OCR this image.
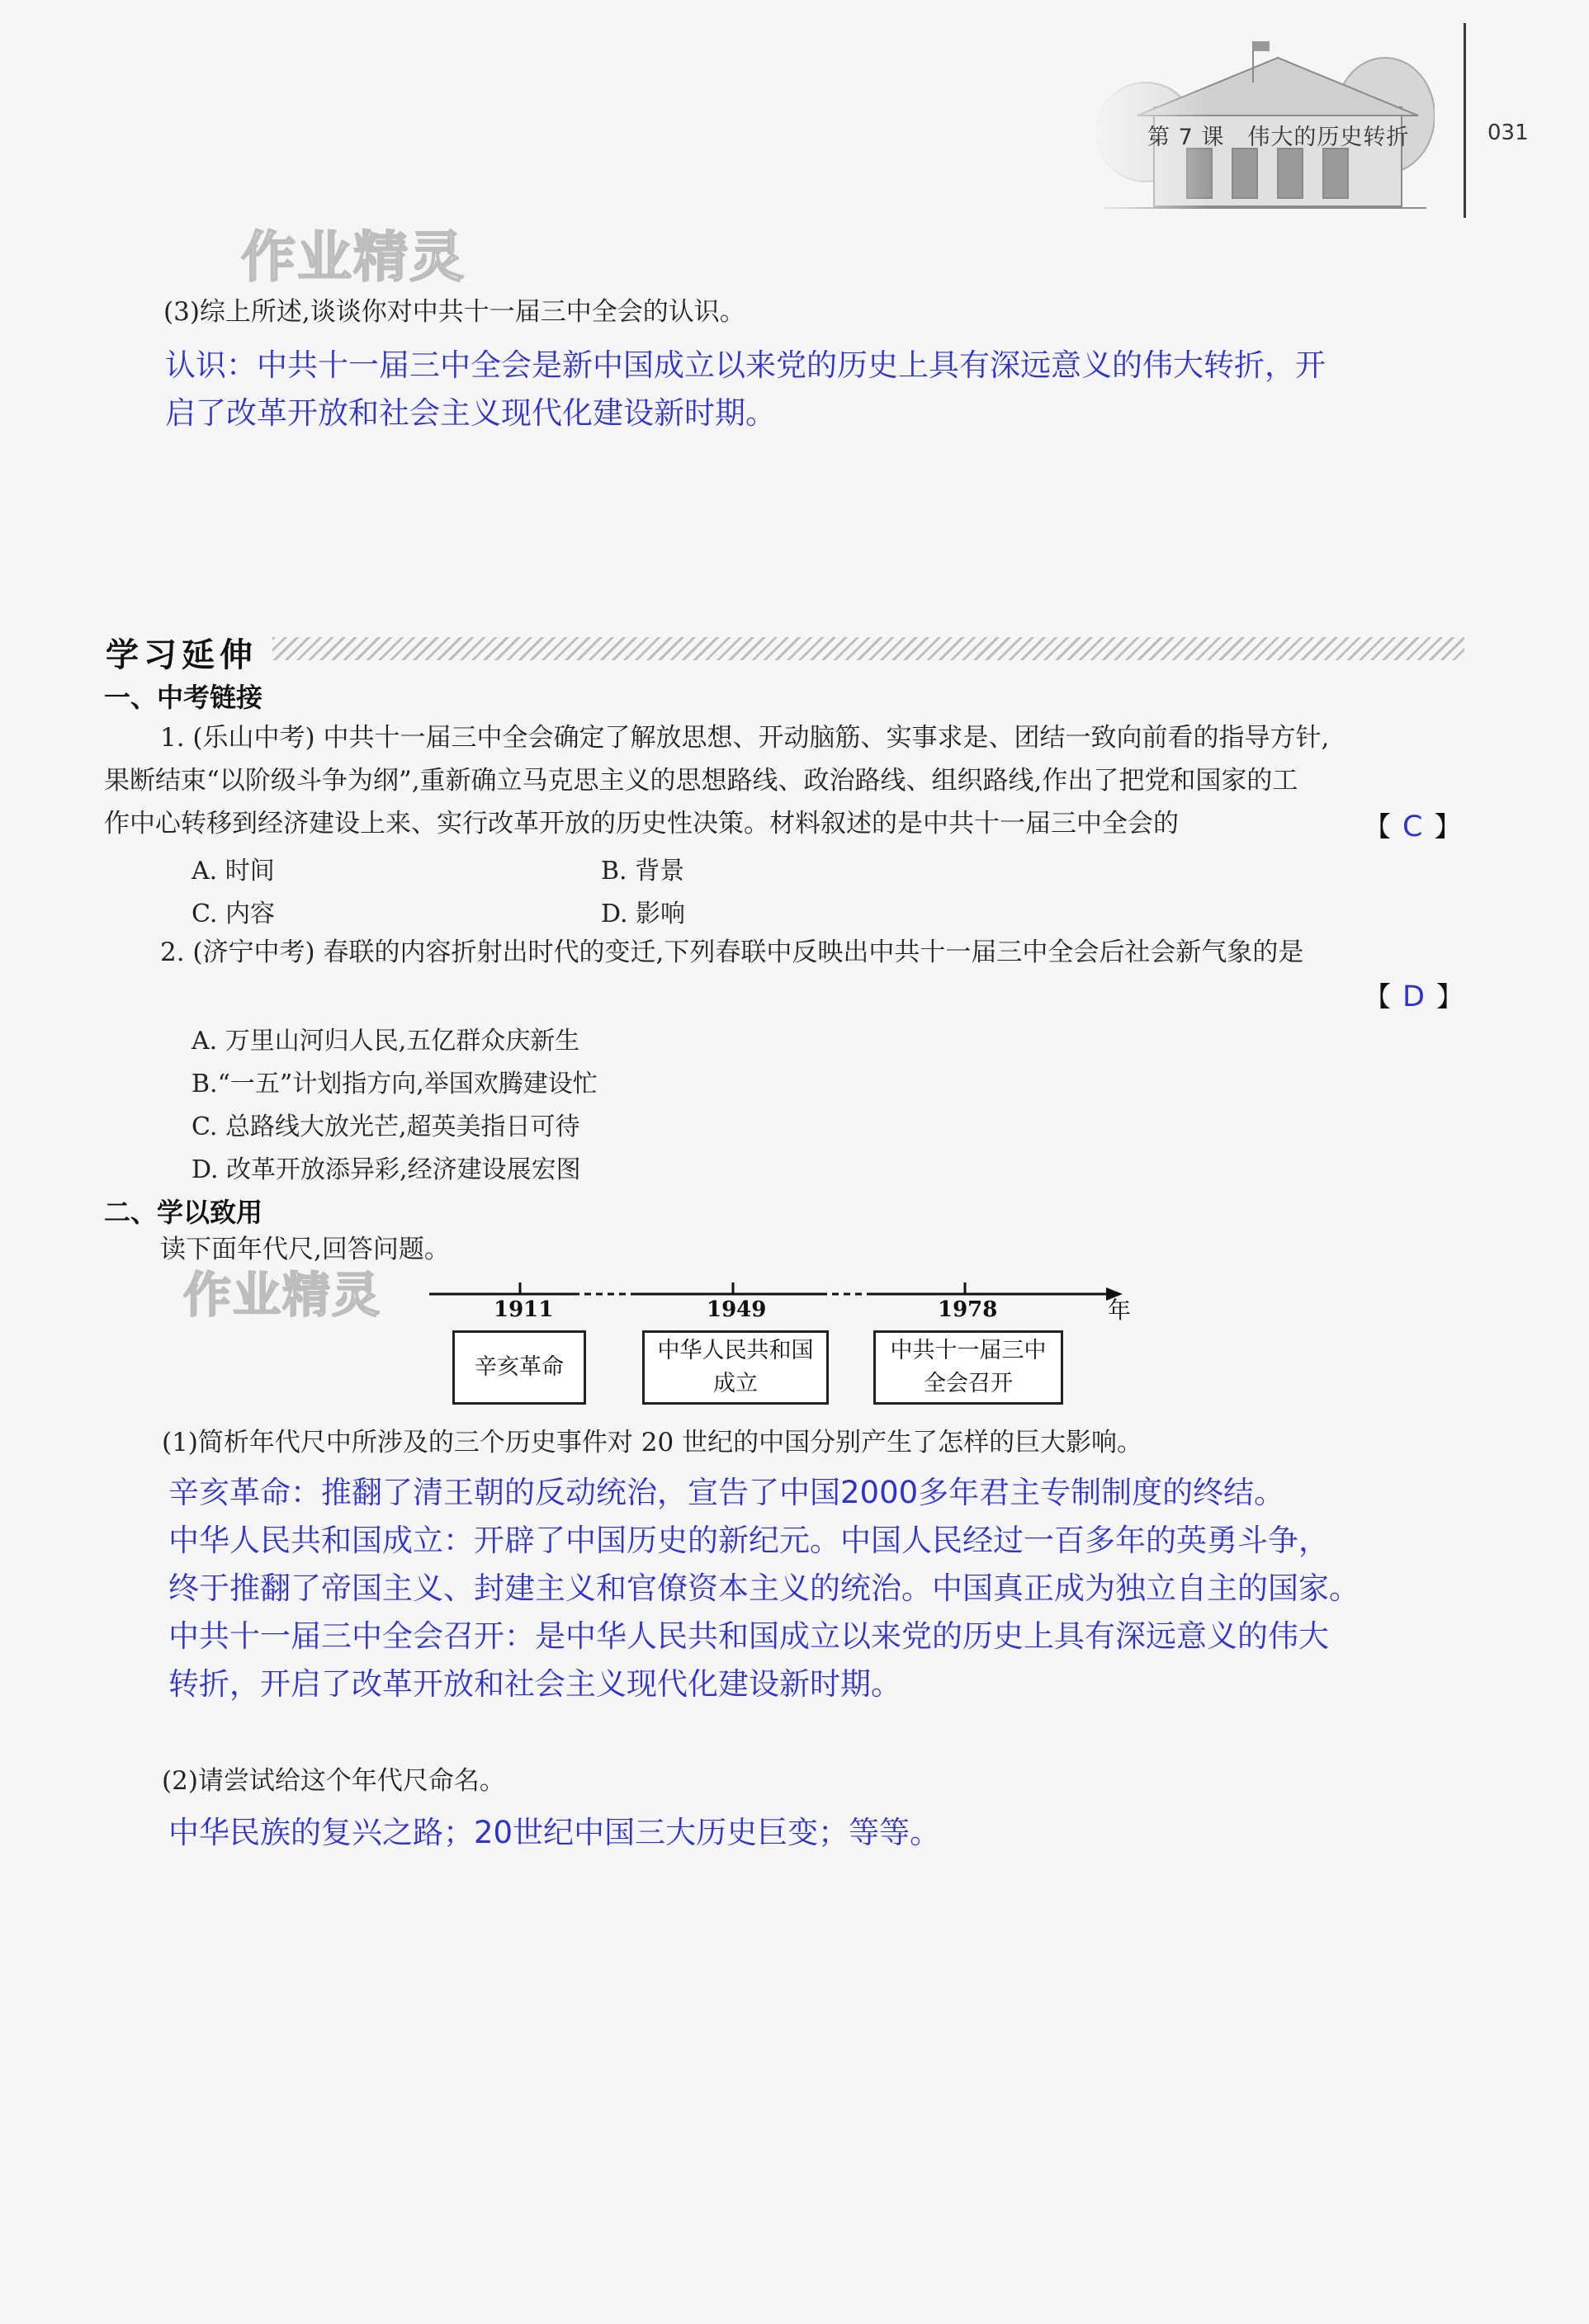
第 7 课　伟大的历史转折	031
作业精灵
作业精灵
(3)综上所述,谈谈你对中共十一届三中全会的认识。
认识：中共十一届三中全会是新中国成立以来党的历史上具有深远意义的伟大转折，开
启了改革开放和社会主义现代化建设新时期。
学习延伸
一、中考链接
1. (乐山中考) 中共十一届三中全会确定了解放思想、开动脑筋、实事求是、团结一致向前看的指导方针,
果断结束“以阶级斗争为纲”,重新确立马克思主义的思想路线、政治路线、组织路线,作出了把党和国家的工
作中心转移到经济建设上来、实行改革开放的历史性决策。材料叙述的是中共十一届三中全会的	【 C 】
A. 时间	B. 背景
C. 内容	D. 影响
2. (济宁中考) 春联的内容折射出时代的变迁,下列春联中反映出中共十一届三中全会后社会新气象的是
【 D 】
A. 万里山河归人民,五亿群众庆新生
B.“一五”计划指方向,举国欢腾建设忙
C. 总路线大放光芒,超英美指日可待
D. 改革开放添异彩,经济建设展宏图
二、学以致用
读下面年代尺,回答问题。
1911	1949	1978	年
辛亥革命
中华人民共和国
成立
中共十一届三中
全会召开
(1)简析年代尺中所涉及的三个历史事件对 20 世纪的中国分别产生了怎样的巨大影响。
辛亥革命：推翻了清王朝的反动统治，宣告了中国2000多年君主专制制度的终结。
中华人民共和国成立：开辟了中国历史的新纪元。中国人民经过一百多年的英勇斗争，
终于推翻了帝国主义、封建主义和官僚资本主义的统治。中国真正成为独立自主的国家。
中共十一届三中全会召开：是中华人民共和国成立以来党的历史上具有深远意义的伟大
转折，开启了改革开放和社会主义现代化建设新时期。
(2)请尝试给这个年代尺命名。
中华民族的复兴之路；20世纪中国三大历史巨变；等等。
